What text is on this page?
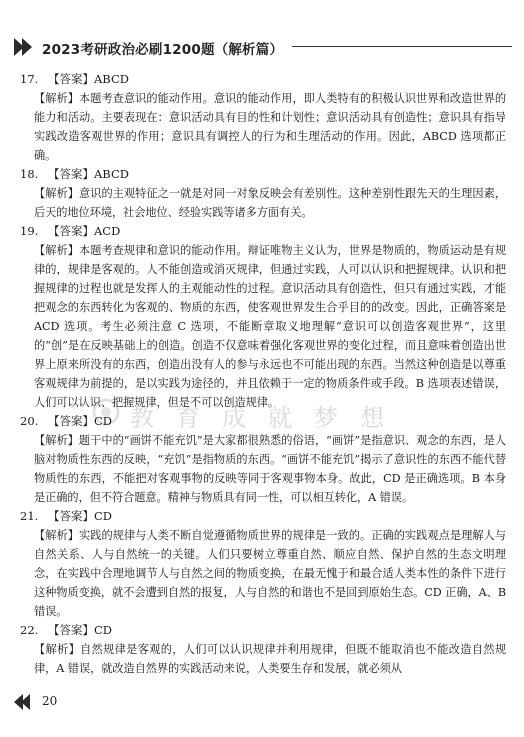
2023考研政治必刷1200题（解析篇）
教育成就梦想
17. 【答案】ABCD
【解析】本题考查意识的能动作用。意识的能动作用，即人类特有的积极认识世界和改造世界的能力和活动。主要表现在：意识活动具有目的性和计划性；意识活动具有创造性；意识具有指导实践改造客观世界的作用；意识具有调控人的行为和生理活动的作用。因此，ABCD 选项都正确。
18. 【答案】ABCD
【解析】意识的主观特征之一就是对同一对象反映会有差别性。这种差别性跟先天的生理因素，后天的地位环境，社会地位、经验实践等诸多方面有关。
19. 【答案】ACD
【解析】本题考查规律和意识的能动作用。辩证唯物主义认为，世界是物质的，物质运动是有规律的，规律是客观的。人不能创造或消灭规律，但通过实践，人可以认识和把握规律。认识和把握规律的过程也就是发挥人的主观能动性的过程。意识活动具有创造性，但只有通过实践，才能把观念的东西转化为客观的、物质的东西，使客观世界发生合乎目的的改变。因此，正确答案是 ACD 选项。考生必须注意 C 选项，不能断章取义地理解“意识可以创造客观世界”，这里的“创”是在反映基础上的创造。创造不仅意味着强化客观世界的变化过程，而且意味着创造出世界上原来所没有的东西，创造出没有人的参与永远也不可能出现的东西。当然这种创造是以尊重客观规律为前提的，是以实践为途径的，并且依赖于一定的物质条件或手段。B 选项表述错误，人们可以认识、把握规律，但是不可以创造规律。
20. 【答案】CD
【解析】题干中的“画饼不能充饥”是大家都很熟悉的俗语，“画饼”是指意识、观念的东西，是人脑对物质性东西的反映，“充饥”是指物质的东西。“画饼不能充饥”揭示了意识性的东西不能代替物质性的东西，不能把对客观事物的反映等同于客观事物本身。故此，CD 是正确选项。B 本身是正确的，但不符合题意。精神与物质具有同一性，可以相互转化，A 错误。
21. 【答案】CD
【解析】实践的规律与人类不断自觉遵循物质世界的规律是一致的。正确的实践观点是理解人与自然关系、人与自然统一的关键。人们只要树立尊重自然、顺应自然、保护自然的生态文明理念，在实践中合理地调节人与自然之间的物质变换，在最无愧于和最合适人类本性的条件下进行这种物质变换，就不会遭到自然的报复，人与自然的和谐也不是回到原始生态。CD 正确，A、B 错误。
22. 【答案】CD
【解析】自然规律是客观的，人们可以认识规律并利用规律，但既不能取消也不能改造自然规律，A 错误，就改造自然界的实践活动来说，人类要生存和发展，就必须从
20
